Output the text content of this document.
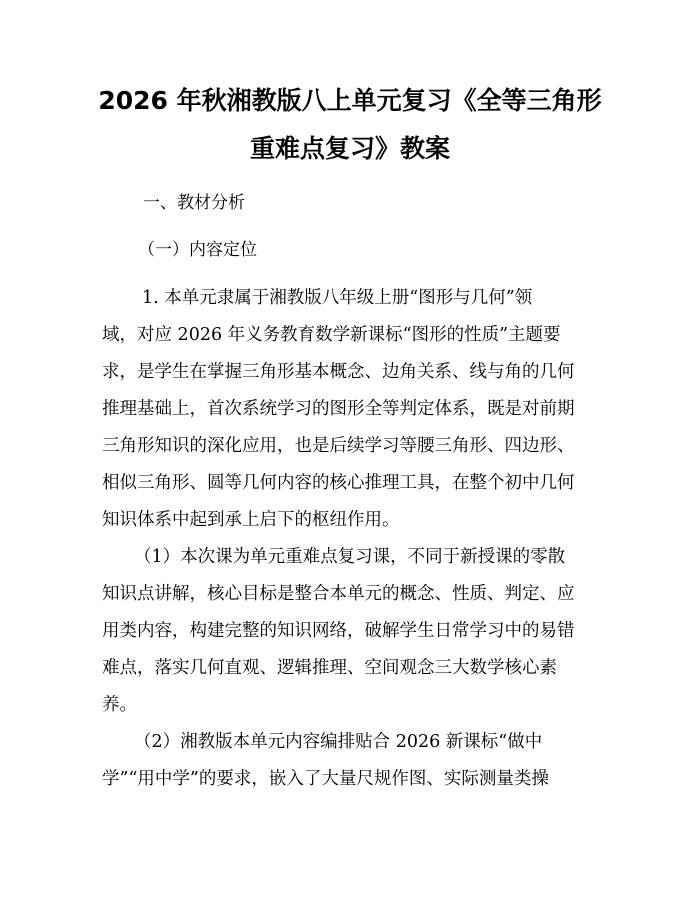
2026 年秋湘教版八上单元复习《全等三角形
重难点复习》教案
一、教材分析
（一）内容定位
1. 本单元隶属于湘教版八年级上册“图形与几何”领
域，对应 2026 年义务教育数学新课标“图形的性质”主题要
求，是学生在掌握三角形基本概念、边角关系、线与角的几何
推理基础上，首次系统学习的图形全等判定体系，既是对前期
三角形知识的深化应用，也是后续学习等腰三角形、四边形、
相似三角形、圆等几何内容的核心推理工具，在整个初中几何
知识体系中起到承上启下的枢纽作用。
（1）本次课为单元重难点复习课，不同于新授课的零散
知识点讲解，核心目标是整合本单元的概念、性质、判定、应
用类内容，构建完整的知识网络，破解学生日常学习中的易错
难点，落实几何直观、逻辑推理、空间观念三大数学核心素
养。
（2）湘教版本单元内容编排贴合 2026 新课标“做中
学”“用中学”的要求，嵌入了大量尺规作图、实际测量类操
